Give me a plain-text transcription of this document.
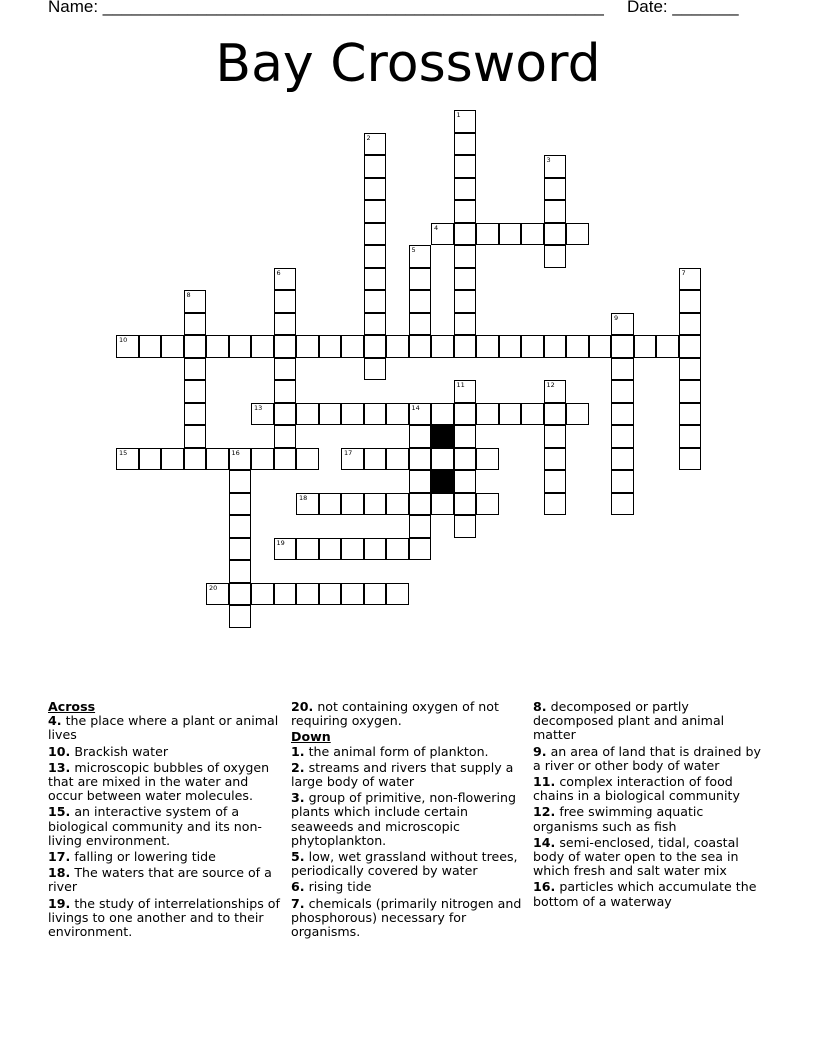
Name: _____________________________________________________ Date: _______
Bay Crossword
1
2
3
4
5
6	7
8
9
10
11	12
13	14
15	16	17
18
19
20
Across
4. the place where a plant or animal lives
10. Brackish water
13. microscopic bubbles of oxygen that are mixed in the water and occur between water molecules.
15. an interactive system of a biological community and its non-living environment.
17. falling or lowering tide
18. The waters that are source of a river
19. the study of interrelationships of livings to one another and to their environment.
20. not containing oxygen of not requiring oxygen.
Down
1. the animal form of plankton.
2. streams and rivers that supply a large body of water
3. group of primitive, non-flowering plants which include certain seaweeds and microscopic phytoplankton.
5. low, wet grassland without trees, periodically covered by water
6. rising tide
7. chemicals (primarily nitrogen and phosphorous) necessary for organisms.
8. decomposed or partly decomposed plant and animal matter
9. an area of land that is drained by a river or other body of water
11. complex interaction of food chains in a biological community
12. free swimming aquatic organisms such as fish
14. semi-enclosed, tidal, coastal body of water open to the sea in which fresh and salt water mix
16. particles which accumulate the bottom of a waterway
